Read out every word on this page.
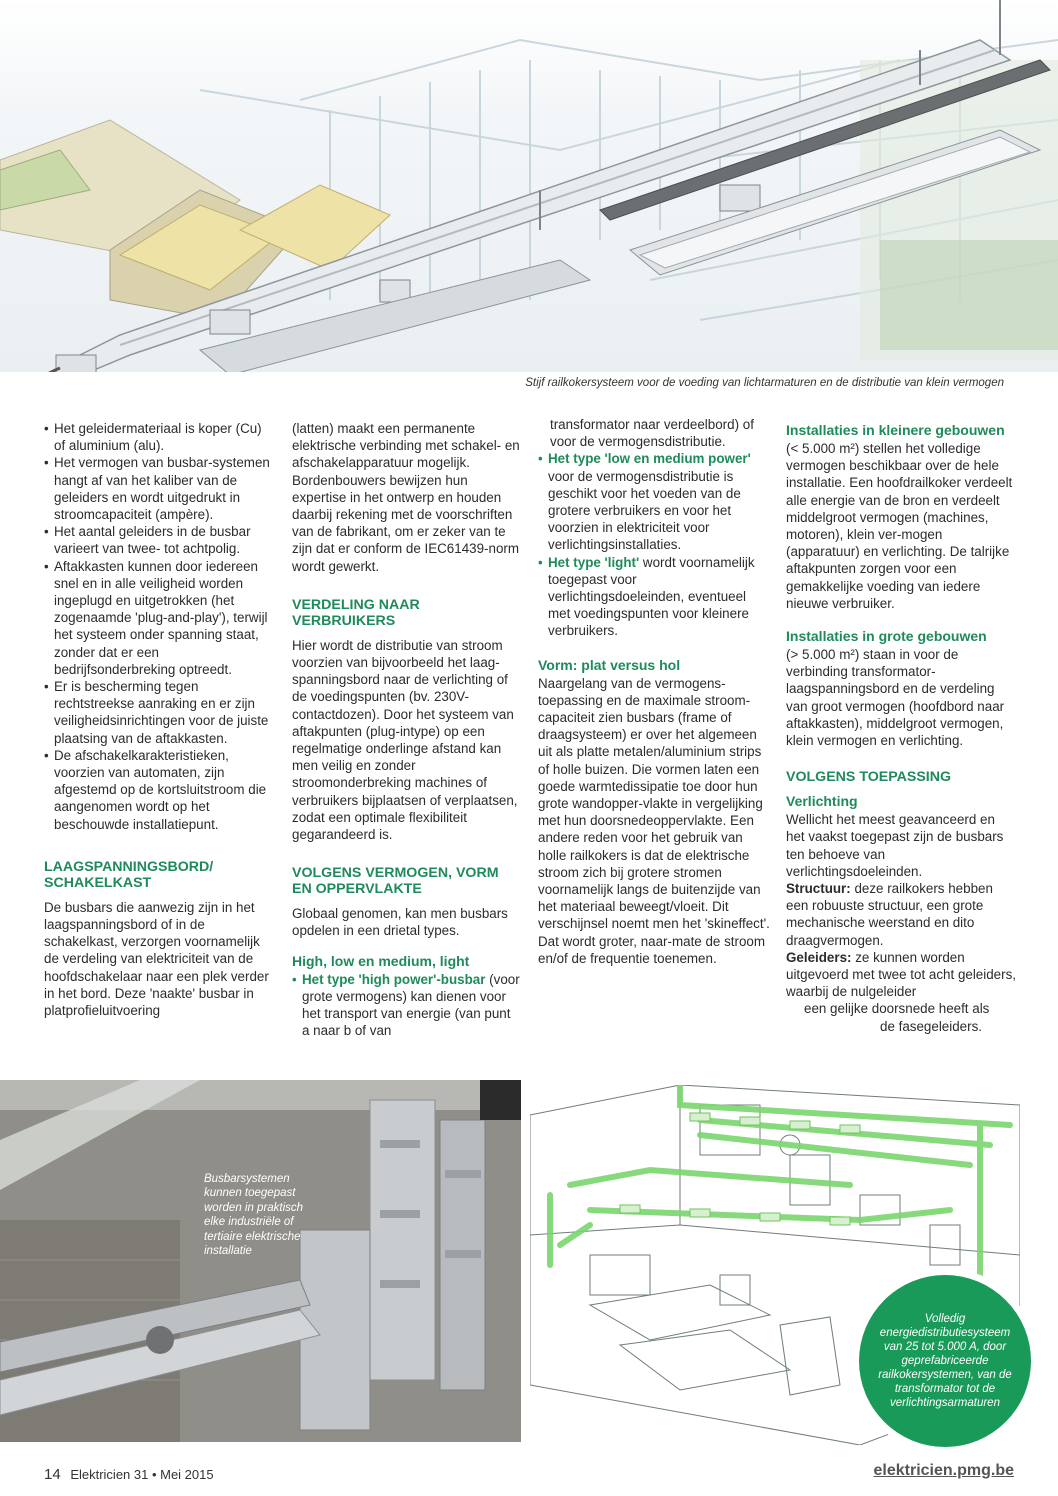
Stijf railkokersysteem voor de voeding van lichtarmaturen en de distributie van klein vermogen
• Het geleidermateriaal is koper (Cu) of aluminium (alu).
• Het vermogen van busbar-systemen hangt af van het kaliber van de geleiders en wordt uitgedrukt in stroomcapaciteit (ampère).
• Het aantal geleiders in de busbar varieert van twee- tot achtpolig.
• Aftakkasten kunnen door iedereen snel en in alle veiligheid worden ingeplugd en uitgetrokken (het zogenaamde 'plug-and-play'), terwijl het systeem onder spanning staat, zonder dat er een bedrijfsonderbreking optreedt.
• Er is bescherming tegen rechtstreekse aanraking en er zijn veiligheidsinrichtingen voor de juiste plaatsing van de aftakkasten.
• De afschakelkarakteristieken, voorzien van automaten, zijn afgestemd op de kortsluitstroom die aangenomen wordt op het beschouwde installatiepunt.
LAAGSPANNINGSBORD/ SCHAKELKAST

De busbars die aanwezig zijn in het laagspanningsbord of in de schakelkast, verzorgen voornamelijk de verdeling van elektriciteit van de hoofdschakelaar naar een plek verder in het bord. Deze 'naakte' busbar in platprofieluitvoering

(latten) maakt een permanente elektrische verbinding met schakel- en afschakelapparatuur mogelijk. Bordenbouwers bewijzen hun expertise in het ontwerp en houden daarbij rekening met de voorschriften van de fabrikant, om er zeker van te zijn dat er conform de IEC61439-norm wordt gewerkt.

VERDELING NAAR VERBRUIKERS

Hier wordt de distributie van stroom voorzien van bijvoorbeeld het laag-spanningsbord naar de verlichting of de voedingspunten (bv. 230V-contactdozen). Door het systeem van aftakpunten (plug-intype) op een regelmatige onderlinge afstand kan men veilig en zonder stroomonderbreking machines of verbruikers bijplaatsen of verplaatsen, zodat een optimale flexibiliteit gegarandeerd is.

VOLGENS VERMOGEN, VORM EN OPPERVLAKTE

Globaal genomen, kan men busbars opdelen in een drietal types.

High, low en medium, light
• Het type 'high power'-busbar (voor grote vermogens) kan dienen voor het transport van energie (van punt a naar b of van

transformator naar verdeelbord) of voor de vermogensdistributie.

• Het type 'low en medium power' voor de vermogensdistributie is geschikt voor het voeden van de grotere verbruikers en voor het voorzien in elektriciteit voor verlichtingsinstallaties.
• Het type 'light' wordt voornamelijk toegepast voor verlichtingsdoeleinden, eventueel met voedingspunten voor kleinere verbruikers.
Vorm: plat versus hol

Naargelang van de vermogens-toepassing en de maximale stroom-capaciteit zien busbars (frame of draagsysteem) er over het algemeen uit als platte metalen/aluminium strips of holle buizen. Die vormen laten een goede warmtedissipatie toe door hun grote wandopper-vlakte in vergelijking met hun doorsnedeoppervlakte. Een andere reden voor het gebruik van holle railkokers is dat de elektrische stroom zich bij grotere stromen voornamelijk langs de buitenzijde van het materiaal beweegt/vloeit. Dit verschijnsel noemt men het 'skineffect'. Dat wordt groter, naar-mate de stroom en/of de frequentie toenemen.

Installaties in kleinere gebouwen

(< 5.000 m²) stellen het volledige vermogen beschikbaar over de hele installatie. Een hoofdrailkoker verdeelt alle energie van de bron en verdeelt middelgroot vermogen (machines, motoren), klein ver-mogen (apparatuur) en verlichting. De talrijke aftakpunten zorgen voor een gemakkelijke voeding van iedere nieuwe verbruiker.

Installaties in grote gebouwen

(> 5.000 m²) staan in voor de verbinding transformator-laagspanningsbord en de verdeling van groot vermogen (hoofdbord naar aftakkasten), middelgroot vermogen, klein vermogen en verlichting.

VOLGENS TOEPASSING
Verlichting

Wellicht het meest geavanceerd en het vaakst toegepast zijn de busbars ten behoeve van verlichtingsdoeleinden.

Structuur: deze railkokers hebben een robuuste structuur, een grote mechanische weerstand en dito draagvermogen.

Geleiders: ze kunnen worden uitgevoerd met twee tot acht geleiders, waarbij de nulgeleider

een gelijke doorsnede heeft als

de fasegeleiders.

Busbarsystemen kunnen toegepast worden in praktisch elke industriële of tertiaire elektrische installatie
Volledig energiedistributiesysteem van 25 tot 5.000 A, door geprefabriceerde railkokersystemen, van de transformator tot de verlichtingsarmaturen
14 Elektricien 31 • Mei 2015	elektricien.pmg.be
